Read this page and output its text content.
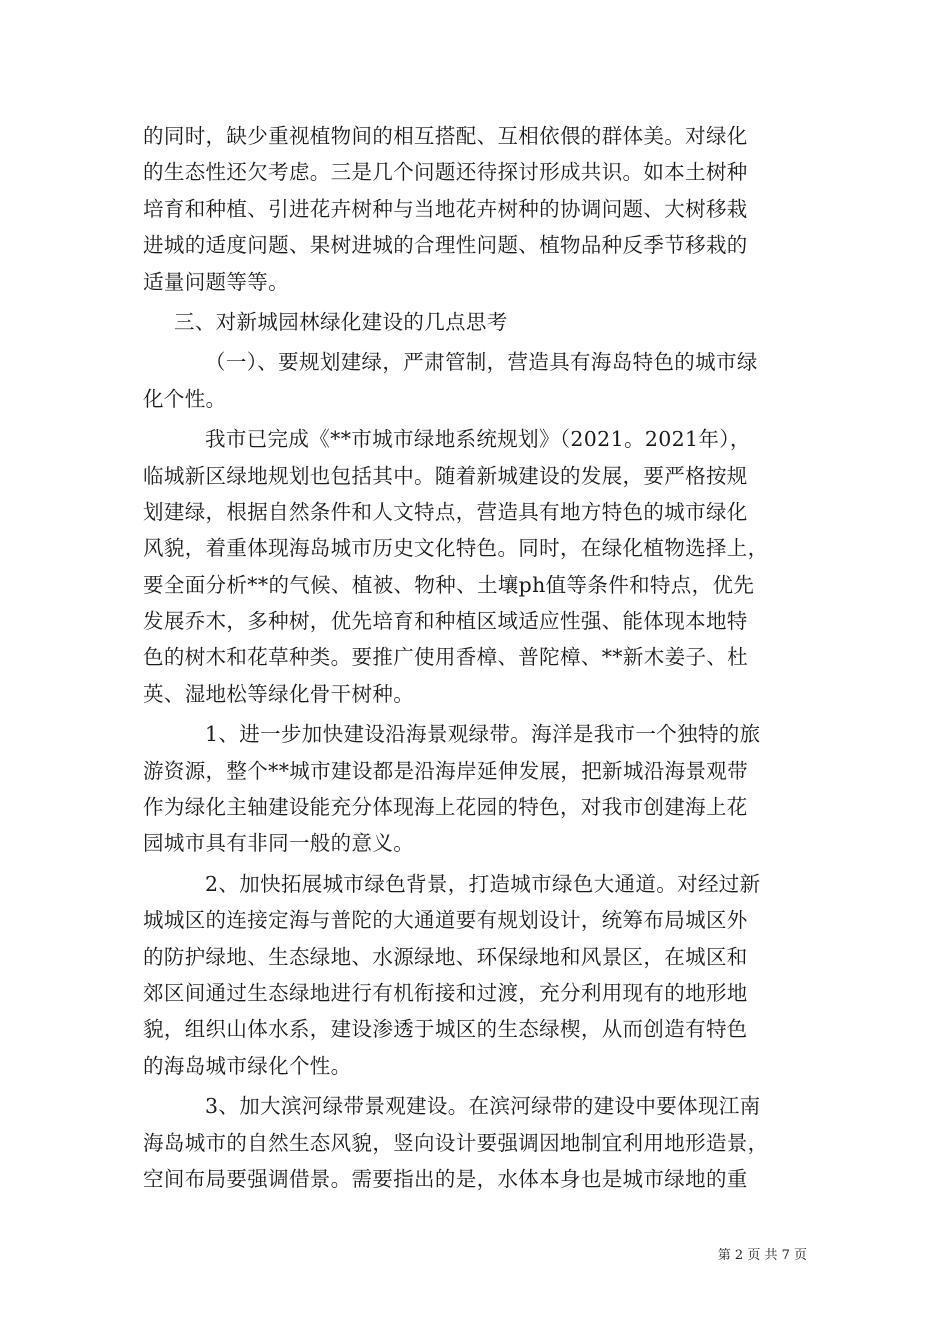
的同时，缺少重视植物间的相互搭配、互相依偎的群体美。对绿化
的生态性还欠考虑。三是几个问题还待探讨形成共识。如本土树种
培育和种植、引进花卉树种与当地花卉树种的协调问题、大树移栽
进城的适度问题、果树进城的合理性问题、植物品种反季节移栽的
适量问题等等。
三、对新城园林绿化建设的几点思考
（一）、要规划建绿，严肃管制，营造具有海岛特色的城市绿
化个性。
我市已完成《**市城市绿地系统规划》（2021。2021年），
临城新区绿地规划也包括其中。随着新城建设的发展，要严格按规
划建绿，根据自然条件和人文特点，营造具有地方特色的城市绿化
风貌，着重体现海岛城市历史文化特色。同时，在绿化植物选择上，
要全面分析**的气候、植被、物种、土壤ph值等条件和特点，优先
发展乔木，多种树，优先培育和种植区域适应性强、能体现本地特
色的树木和花草种类。要推广使用香樟、普陀樟、**新木姜子、杜
英、湿地松等绿化骨干树种。
1、进一步加快建设沿海景观绿带。海洋是我市一个独特的旅
游资源，整个**城市建设都是沿海岸延伸发展，把新城沿海景观带
作为绿化主轴建设能充分体现海上花园的特色，对我市创建海上花
园城市具有非同一般的意义。
2、加快拓展城市绿色背景，打造城市绿色大通道。对经过新
城城区的连接定海与普陀的大通道要有规划设计，统筹布局城区外
的防护绿地、生态绿地、水源绿地、环保绿地和风景区，在城区和
郊区间通过生态绿地进行有机衔接和过渡，充分利用现有的地形地
貌，组织山体水系，建设渗透于城区的生态绿楔，从而创造有特色
的海岛城市绿化个性。
3、加大滨河绿带景观建设。在滨河绿带的建设中要体现江南
海岛城市的自然生态风貌，竖向设计要强调因地制宜利用地形造景，
空间布局要强调借景。需要指出的是，水体本身也是城市绿地的重
第 2 页 共 7 页
